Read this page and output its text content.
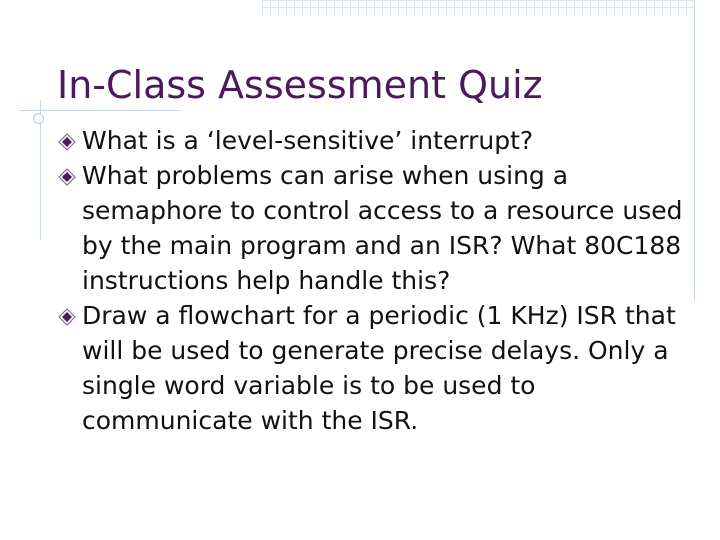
In-Class Assessment Quiz
What is a ‘level-sensitive’ interrupt?
What problems can arise when using a semaphore to control access to a resource used by the main program and an ISR? What 80C188 instructions help handle this?
Draw a flowchart for a periodic (1 KHz) ISR that will be used to generate precise delays. Only a single word variable is to be used to communicate with the ISR.
